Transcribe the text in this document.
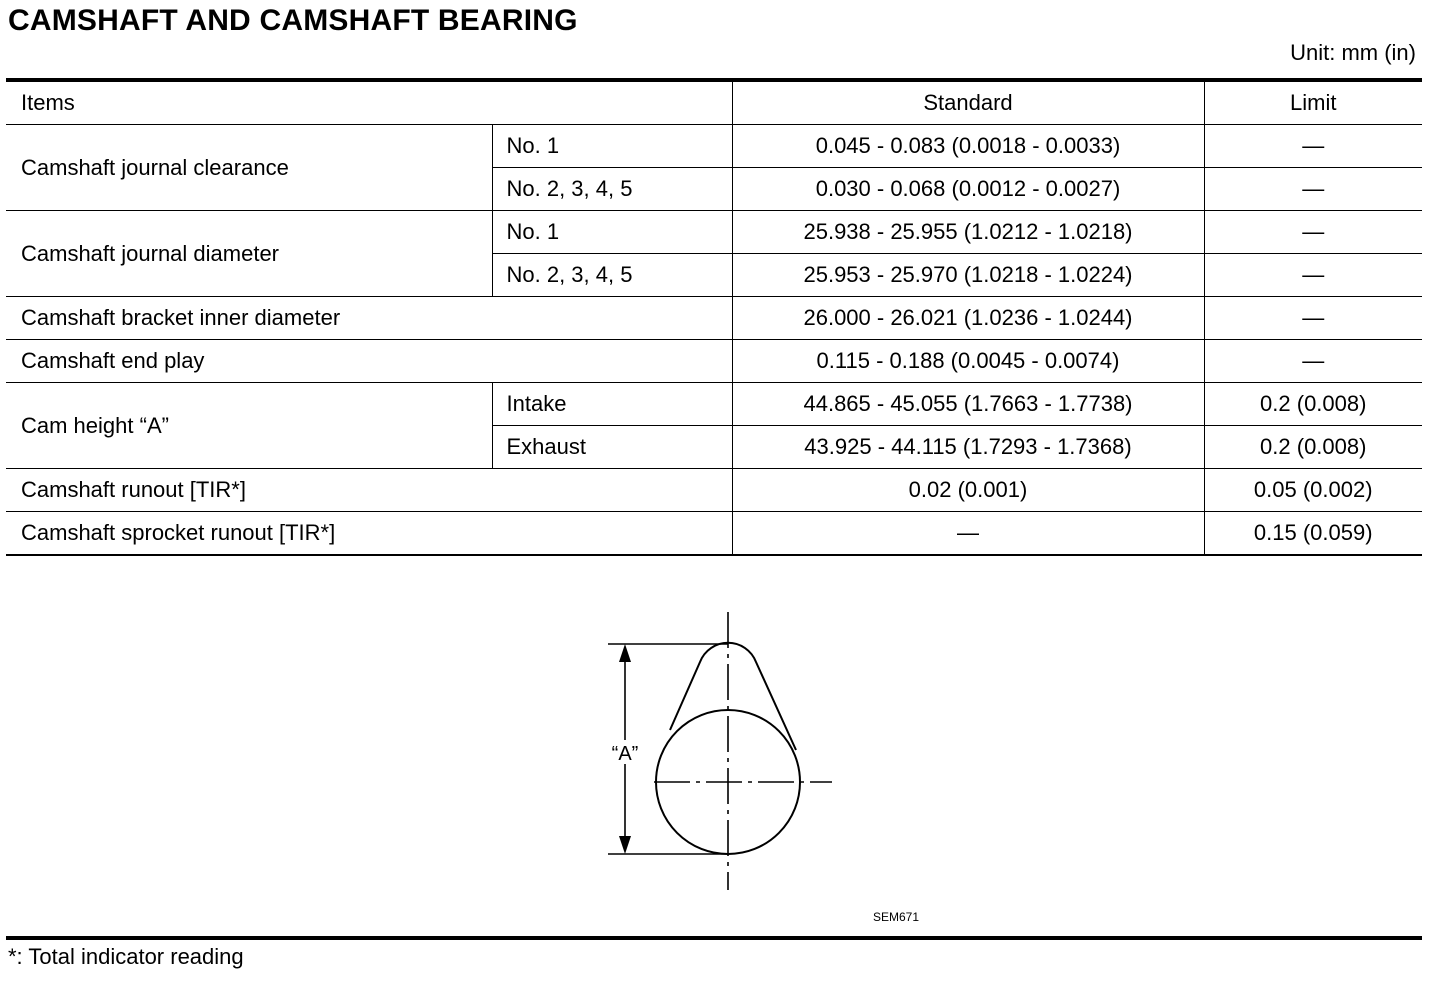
CAMSHAFT AND CAMSHAFT BEARING
Unit: mm (in)
Items		Standard	Limit
Camshaft journal clearance	No. 1	0.045 - 0.083 (0.0018 - 0.0033)	—
	No. 2, 3, 4, 5	0.030 - 0.068 (0.0012 - 0.0027)	—
Camshaft journal diameter	No. 1	25.938 - 25.955 (1.0212 - 1.0218)	—
	No. 2, 3, 4, 5	25.953 - 25.970 (1.0218 - 1.0224)	—
Camshaft bracket inner diameter		26.000 - 26.021 (1.0236 - 1.0244)	—
Camshaft end play		0.115 - 0.188 (0.0045 - 0.0074)	—
Cam height “A”	Intake	44.865 - 45.055 (1.7663 - 1.7738)	0.2 (0.008)
	Exhaust	43.925 - 44.115 (1.7293 - 1.7368)	0.2 (0.008)
Camshaft runout [TIR*]		0.02 (0.001)	0.05 (0.002)
Camshaft sprocket runout [TIR*]		—	0.15 (0.059)
“A”
SEM671
*: Total indicator reading
